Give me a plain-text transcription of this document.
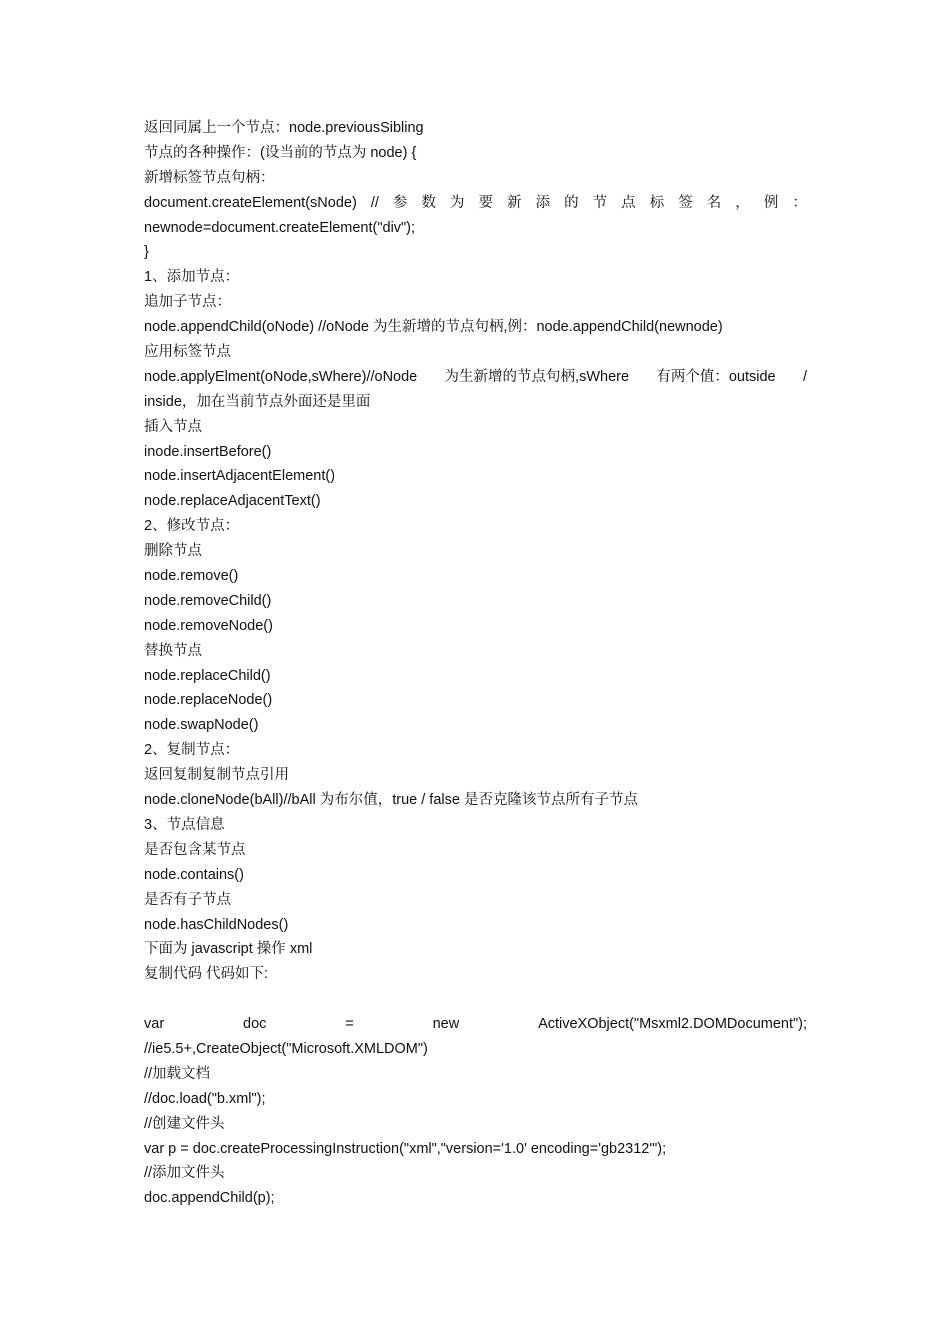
返回同属上一个节点：node.previousSibling
节点的各种操作：(设当前的节点为 node) {
新增标签节点句柄：
document.createElement(sNode) // 参 数 为 要 新 添 的 节 点 标 签 名 ， 例 ：
newnode=document.createElement("div");
}
1、添加节点：
追加子节点：
node.appendChild(oNode) //oNode 为生新增的节点句柄,例：node.appendChild(newnode)
应用标签节点
node.applyElment(oNode,sWhere)//oNode 为生新增的节点句柄,sWhere 有两个值：outside /
inside，加在当前节点外面还是里面
插入节点
inode.insertBefore()
node.insertAdjacentElement()
node.replaceAdjacentText()
2、修改节点：
删除节点
node.remove()
node.removeChild()
node.removeNode()
替换节点
node.replaceChild()
node.replaceNode()
node.swapNode()
2、复制节点：
返回复制复制节点引用
node.cloneNode(bAll)//bAll 为布尔值，true / false 是否克隆该节点所有子节点
3、节点信息
是否包含某节点
node.contains()
是否有子节点
node.hasChildNodes()
下面为 javascript 操作 xml
复制代码 代码如下:
var	doc	=	new	ActiveXObject("Msxml2.DOMDocument");
//ie5.5+,CreateObject("Microsoft.XMLDOM")
//加载文档
//doc.load("b.xml");
//创建文件头
var p = doc.createProcessingInstruction("xml","version='1.0' encoding='gb2312'");
//添加文件头
doc.appendChild(p);
